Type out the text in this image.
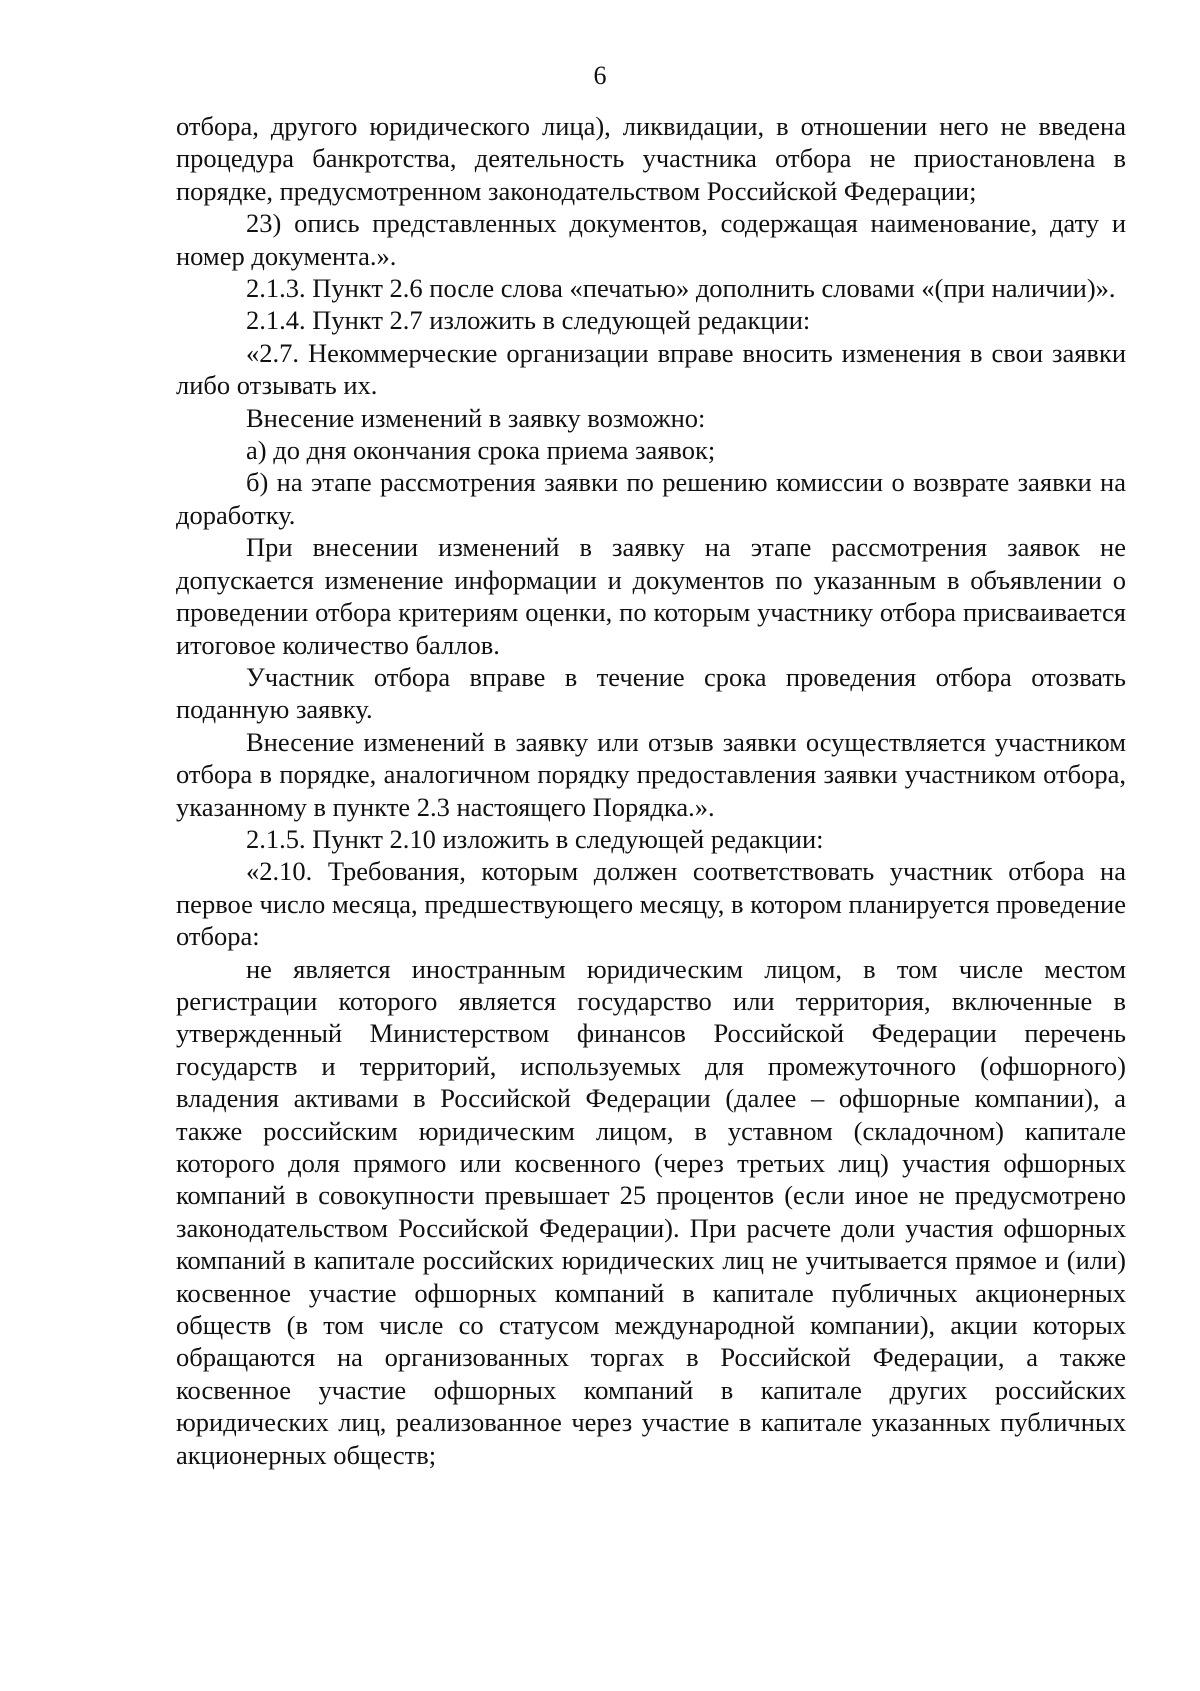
6

отбора, другого юридического лица), ликвидации, в отношении него не введена процедура банкротства, деятельность участника отбора не приостановлена в порядке, предусмотренном законодательством Российской Федерации;

23) опись представленных документов, содержащая наименование, дату и номер документа.».

2.1.3. Пункт 2.6 после слова «печатью» дополнить словами «(при наличии)».

2.1.4. Пункт 2.7 изложить в следующей редакции:

«2.7. Некоммерческие организации вправе вносить изменения в свои заявки либо отзывать их.

Внесение изменений в заявку возможно:

а) до дня окончания срока приема заявок;

б) на этапе рассмотрения заявки по решению комиссии о возврате заявки на доработку.

При внесении изменений в заявку на этапе рассмотрения заявок не допускается изменение информации и документов по указанным в объявлении о проведении отбора критериям оценки, по которым участнику отбора присваивается итоговое количество баллов.

Участник отбора вправе в течение срока проведения отбора отозвать поданную заявку.

Внесение изменений в заявку или отзыв заявки осуществляется участником отбора в порядке, аналогичном порядку предоставления заявки участником отбора, указанному в пункте 2.3 настоящего Порядка.».

2.1.5. Пункт 2.10 изложить в следующей редакции:

«2.10. Требования, которым должен соответствовать участник отбора на первое число месяца, предшествующего месяцу, в котором планируется проведение отбора:

не является иностранным юридическим лицом, в том числе местом регистрации которого является государство или территория, включенные в утвержденный Министерством финансов Российской Федерации перечень государств и территорий, используемых для промежуточного (офшорного) владения активами в Российской Федерации (далее – офшорные компании), а также российским юридическим лицом, в уставном (складочном) капитале которого доля прямого или косвенного (через третьих лиц) участия офшорных компаний в совокупности превышает 25 процентов (если иное не предусмотрено законодательством Российской Федерации). При расчете доли участия офшорных компаний в капитале российских юридических лиц не учитывается прямое и (или) косвенное участие офшорных компаний в капитале публичных акционерных обществ (в том числе со статусом международной компании), акции которых обращаются на организованных торгах в Российской Федерации, а также косвенное участие офшорных компаний в капитале других российских юридических лиц, реализованное через участие в капитале указанных публичных акционерных обществ;
